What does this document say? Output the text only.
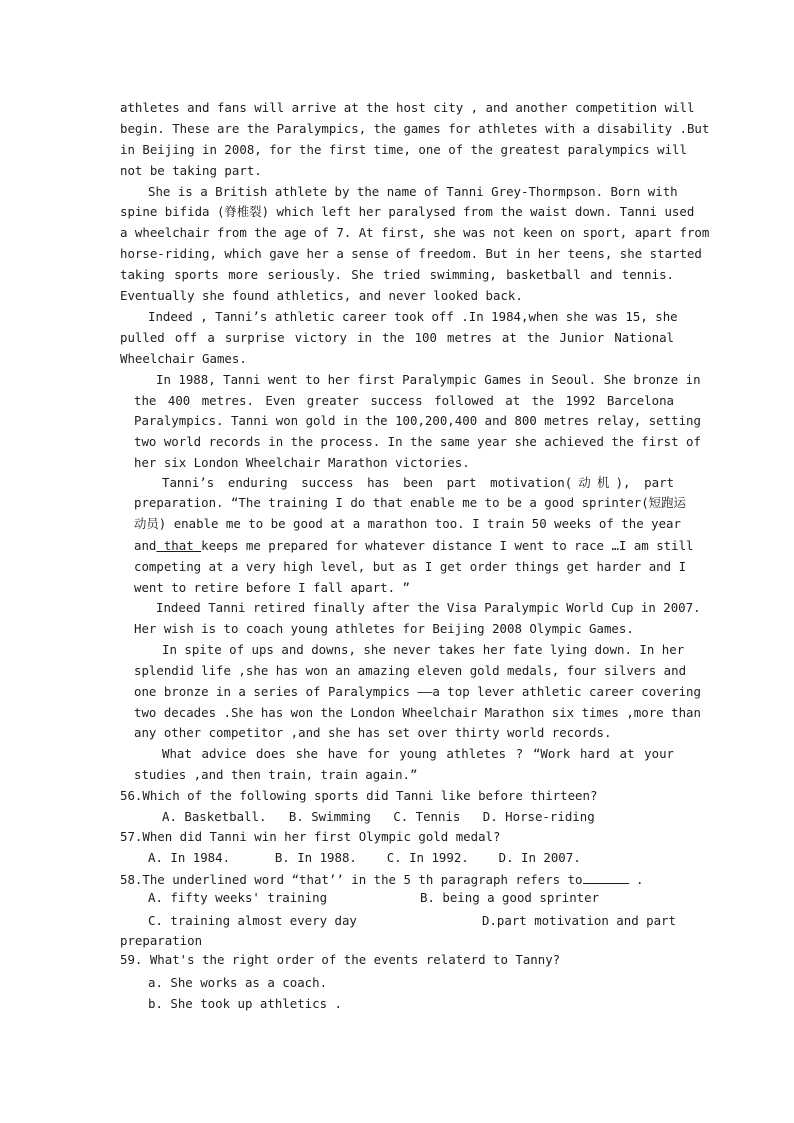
athletes and fans will arrive at the host city , and another competition will
begin. These are the Paralympics, the games for athletes with a disability .But
in Beijing in 2008, for the first time, one of the greatest paralympics will
not be taking part.
She is a British athlete by the name of Tanni Grey-Thormpson. Born with
spine bifida (脊椎裂) which left her paralysed from the waist down. Tanni used
a wheelchair from the age of 7. At first, she was not keen on sport, apart from
horse-riding, which gave her a sense of freedom. But in her teens, she started
taking sports more seriously. She tried swimming, basketball and tennis.
Eventually she found athletics, and never looked back.
Indeed , Tanni’s athletic career took off .In 1984,when she was 15, she
pulled off a surprise victory in the 100 metres at the Junior National
Wheelchair Games.
In 1988, Tanni went to her first Paralympic Games in Seoul. She bronze in
the 400 metres. Even greater success followed at the 1992 Barcelona
Paralympics. Tanni won gold in the 100,200,400 and 800 metres relay, setting
two world records in the process. In the same year she achieved the first of
her six London Wheelchair Marathon victories.
Tanni’s enduring success has been part motivation(动机), part
preparation. “The training I do that enable me to be a good sprinter(短跑运
动员) enable me to be good at a marathon too. I train 50 weeks of the year
and that keeps me prepared for whatever distance I went to race …I am still
competing at a very high level, but as I get order things get harder and I
went to retire before I fall apart. ”
Indeed Tanni retired finally after the Visa Paralympic World Cup in 2007.
Her wish is to coach young athletes for Beijing 2008 Olympic Games.
In spite of ups and downs, she never takes her fate lying down. In her
splendid life ,she has won an amazing eleven gold medals, four silvers and
one bronze in a series of Paralympics ——a top lever athletic career covering
two decades .She has won the London Wheelchair Marathon six times ,more than
any other competitor ,and she has set over thirty world records.
What advice does she have for young athletes ? “Work hard at your
studies ,and then train, train again.”
56.Which of the following sports did Tanni like before thirteen?
A. Basketball.   B. Swimming   C. Tennis   D. Horse-riding
57.When did Tanni win her first Olympic gold medal?
A. In 1984.      B. In 1988.    C. In 1992.    D. In 2007.
58.The underlined word “that’’ in the 5 th paragraph refers to	.
A. fifty weeks' training	B. being a good sprinter
C. training almost every day	D.part motivation and part
preparation
59. What's the right order of the events relaterd to Tanny?
a. She works as a coach.
b. She took up athletics .
